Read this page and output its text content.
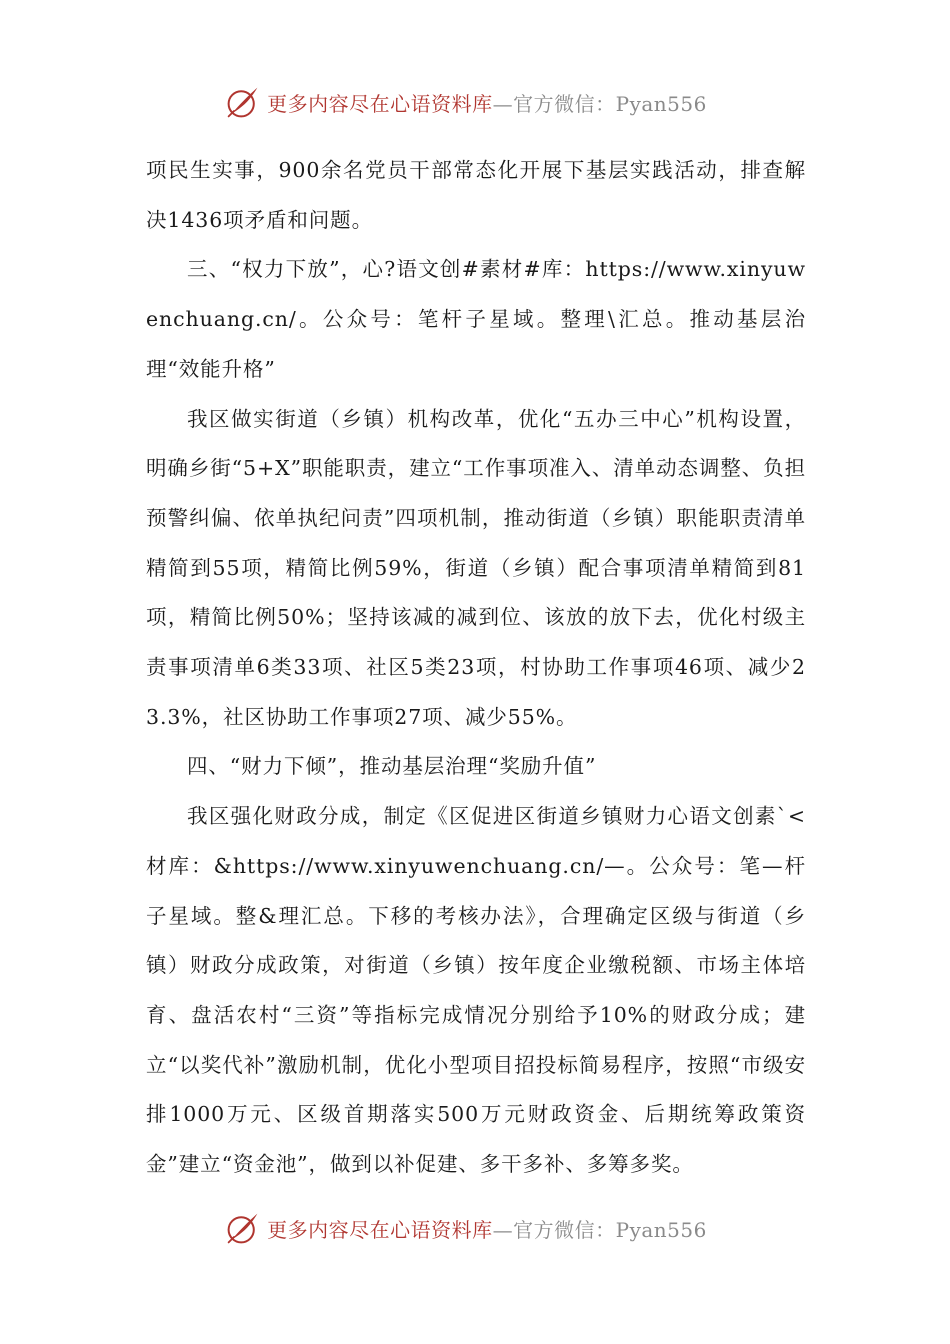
更多内容尽在心语资料库—官方微信：Pyan556

项民生实事，900余名党员干部常态化开展下基层实践活动，排查解决1436项矛盾和问题。

三、“权力下放”，心?语文创#素材#库：https://www.xinyuwenchuang.cn/。公众号：笔杆子星域。整理\汇总。推动基层治理“效能升格”

我区做实街道（乡镇）机构改革，优化“五办三中心”机构设置，明确乡街“5+X”职能职责，建立“工作事项准入、清单动态调整、负担预警纠偏、依单执纪问责”四项机制，推动街道（乡镇）职能职责清单精简到55项，精简比例59%，街道（乡镇）配合事项清单精简到81项，精简比例50%；坚持该减的减到位、该放的放下去，优化村级主责事项清单6类33项、社区5类23项，村协助工作事项46项、减少23.3%，社区协助工作事项27项、减少55%。

四、“财力下倾”，推动基层治理“奖励升值”

我区强化财政分成，制定《区促进区街道乡镇财力心语文创素`<材库：&https://www.xinyuwenchuang.cn/—。公众号：笔—杆子星域。整&理汇总。下移的考核办法》，合理确定区级与街道（乡镇）财政分成政策，对街道（乡镇）按年度企业缴税额、市场主体培育、盘活农村“三资”等指标完成情况分别给予10%的财政分成；建立“以奖代补”激励机制，优化小型项目招投标简易程序，按照“市级安排1000万元、区级首期落实500万元财政资金、后期统筹政策资金”建立“资金池”，做到以补促建、多干多补、多筹多奖。

更多内容尽在心语资料库—官方微信：Pyan556
